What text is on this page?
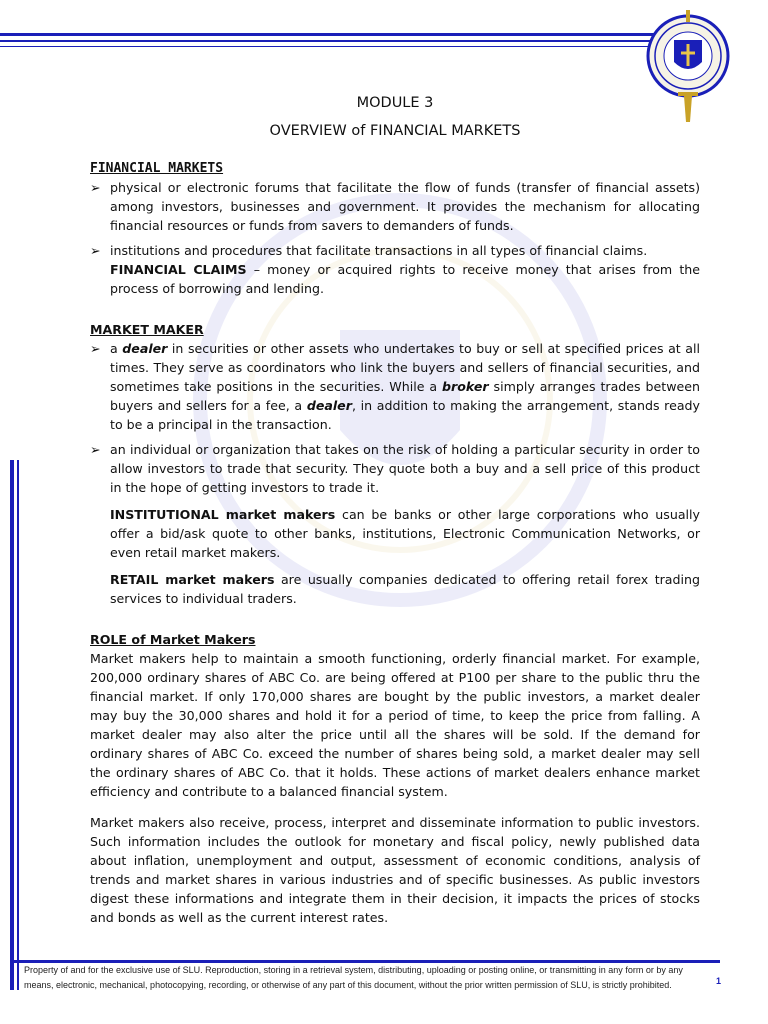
MODULE 3
OVERVIEW of FINANCIAL MARKETS
FINANCIAL MARKETS
➢ physical or electronic forums that facilitate the flow of funds (transfer of financial assets) among investors, businesses and government. It provides the mechanism for allocating financial resources or funds from savers to demanders of funds.
➢ institutions and procedures that facilitate transactions in all types of financial claims.
FINANCIAL CLAIMS – money or acquired rights to receive money that arises from the process of borrowing and lending.
MARKET MAKER
➢ a dealer in securities or other assets who undertakes to buy or sell at specified prices at all times. They serve as coordinators who link the buyers and sellers of financial securities, and sometimes take positions in the securities. While a broker simply arranges trades between buyers and sellers for a fee, a dealer, in addition to making the arrangement, stands ready to be a principal in the transaction.
➢ an individual or organization that takes on the risk of holding a particular security in order to allow investors to trade that security. They quote both a buy and a sell price of this product in the hope of getting investors to trade it.
INSTITUTIONAL market makers can be banks or other large corporations who usually offer a bid/ask quote to other banks, institutions, Electronic Communication Networks, or even retail market makers.
RETAIL market makers are usually companies dedicated to offering retail forex trading services to individual traders.
ROLE of Market Makers
Market makers help to maintain a smooth functioning, orderly financial market. For example, 200,000 ordinary shares of ABC Co. are being offered at P100 per share to the public thru the financial market. If only 170,000 shares are bought by the public investors, a market dealer may buy the 30,000 shares and hold it for a period of time, to keep the price from falling. A market dealer may also alter the price until all the shares will be sold. If the demand for ordinary shares of ABC Co. exceed the number of shares being sold, a market dealer may sell the ordinary shares of ABC Co. that it holds. These actions of market dealers enhance market efficiency and contribute to a balanced financial system.
Market makers also receive, process, interpret and disseminate information to public investors. Such information includes the outlook for monetary and fiscal policy, newly published data about inflation, unemployment and output, assessment of economic conditions, analysis of trends and market shares in various industries and of specific businesses. As public investors digest these informations and integrate them in their decision, it impacts the prices of stocks and bonds as well as the current interest rates.
Property of and for the exclusive use of SLU. Reproduction, storing in a retrieval system, distributing, uploading or posting online, or transmitting in any form or by any means, electronic, mechanical, photocopying, recording, or otherwise of any part of this document, without the prior written permission of SLU, is strictly prohibited.	1
